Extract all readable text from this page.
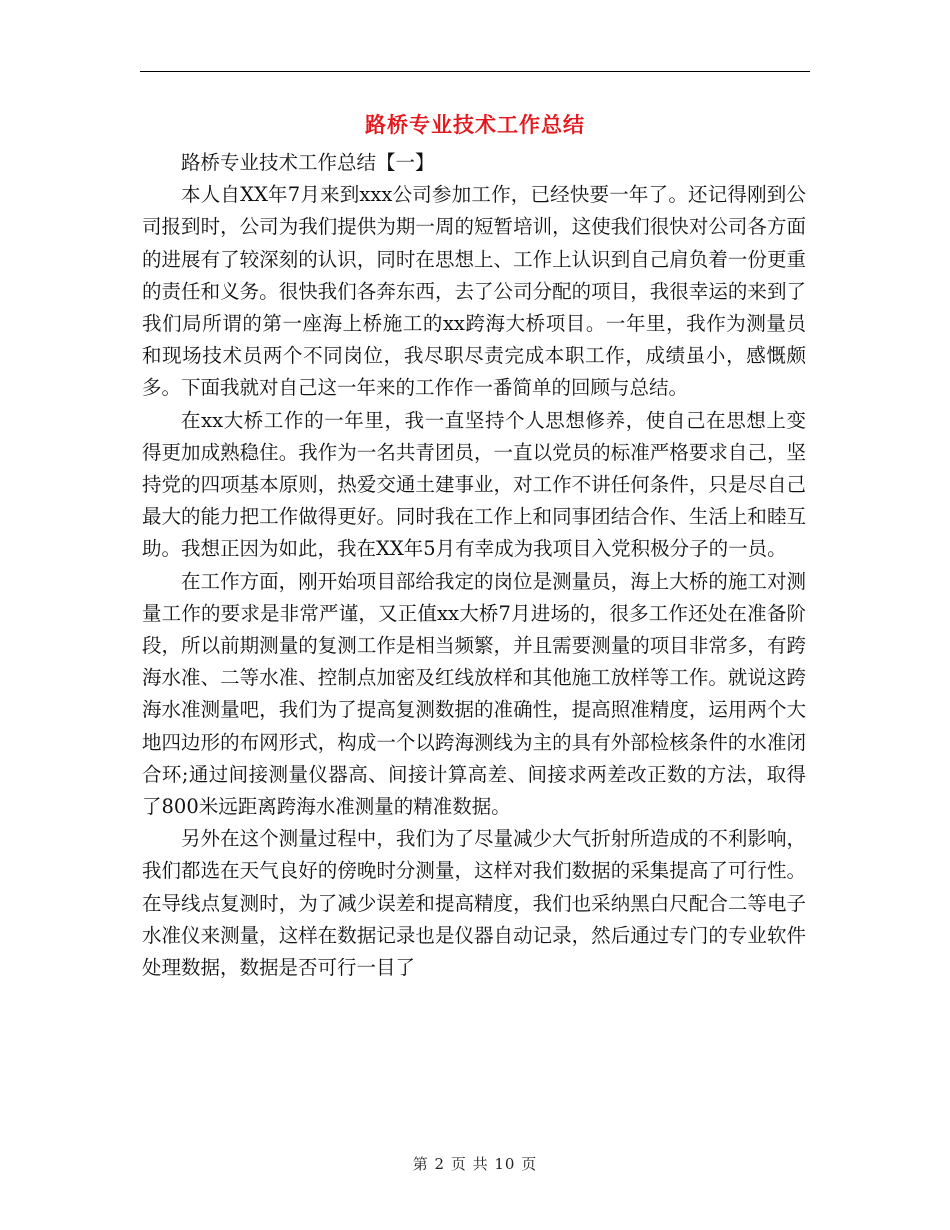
路桥专业技术工作总结

路桥专业技术工作总结【一】

本人自XX年7月来到xxx公司参加工作，已经快要一年了。还记得刚到公司报到时，公司为我们提供为期一周的短暂培训，这使我们很快对公司各方面的进展有了较深刻的认识，同时在思想上、工作上认识到自己肩负着一份更重的责任和义务。很快我们各奔东西，去了公司分配的项目，我很幸运的来到了我们局所谓的第一座海上桥施工的xx跨海大桥项目。一年里，我作为测量员和现场技术员两个不同岗位，我尽职尽责完成本职工作，成绩虽小，感慨颇多。下面我就对自己这一年来的工作作一番简单的回顾与总结。

在xx大桥工作的一年里，我一直坚持个人思想修养，使自己在思想上变得更加成熟稳住。我作为一名共青团员，一直以党员的标准严格要求自己，坚持党的四项基本原则，热爱交通土建事业，对工作不讲任何条件，只是尽自己最大的能力把工作做得更好。同时我在工作上和同事团结合作、生活上和睦互助。我想正因为如此，我在XX年5月有幸成为我项目入党积极分子的一员。

在工作方面，刚开始项目部给我定的岗位是测量员，海上大桥的施工对测量工作的要求是非常严谨，又正值xx大桥7月进场的，很多工作还处在准备阶段，所以前期测量的复测工作是相当频繁，并且需要测量的项目非常多，有跨海水准、二等水准、控制点加密及红线放样和其他施工放样等工作。就说这跨海水准测量吧，我们为了提高复测数据的准确性，提高照准精度，运用两个大地四边形的布网形式，构成一个以跨海测线为主的具有外部检核条件的水准闭合环;通过间接测量仪器高、间接计算高差、间接求两差改正数的方法，取得了800米远距离跨海水准测量的精准数据。

另外在这个测量过程中，我们为了尽量减少大气折射所造成的不利影响，我们都选在天气良好的傍晚时分测量，这样对我们数据的采集提高了可行性。在导线点复测时，为了减少误差和提高精度，我们也采纳黑白尺配合二等电子水准仪来测量，这样在数据记录也是仪器自动记录，然后通过专门的专业软件处理数据，数据是否可行一目了

第 2 页 共 10 页
